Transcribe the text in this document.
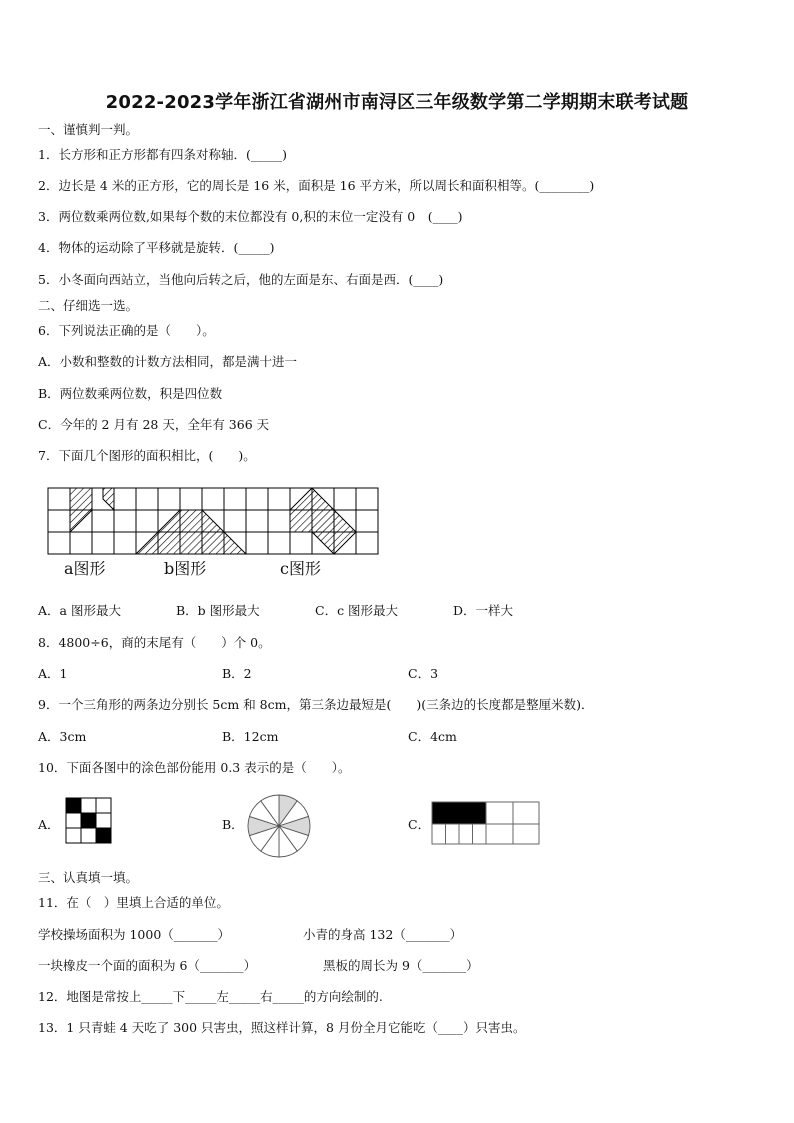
2022-2023学年浙江省湖州市南浔区三年级数学第二学期期末联考试题
一、谨慎判一判。
1．长方形和正方形都有四条对称轴．(_____)
2．边长是 4 米的正方形，它的周长是 16 米，面积是 16 平方米，所以周长和面积相等。(________)
3．两位数乘两位数,如果每个数的末位都没有 0,积的末位一定没有 0　(____)
4．物体的运动除了平移就是旋转．(_____)
5．小冬面向西站立，当他向后转之后，他的左面是东、右面是西．(____)
二、仔细选一选。
6．下列说法正确的是（　　）。
A．小数和整数的计数方法相同，都是满十进一
B．两位数乘两位数，积是四位数
C．今年的 2 月有 28 天，全年有 366 天
7．下面几个图形的面积相比，(　　)。
a图形	b图形	c图形
A．a 图形最大	B．b 图形最大	C．c 图形最大	D．一样大
8．4800÷6，商的末尾有（　　）个 0。
A．1	B．2	C．3
9．一个三角形的两条边分别长 5cm 和 8cm，第三条边最短是(　　)(三条边的长度都是整厘米数)．
A．3cm	B．12cm	C．4cm
10．下面各图中的涂色部份能用 0.3 表示的是（　　）。
A．	B．	C．
三、认真填一填。
11．在（　）里填上合适的单位。
学校操场面积为 1000（_______）	小青的身高 132（_______）
一块橡皮一个面的面积为 6（_______）	黑板的周长为 9（_______）
12．地图是常按上_____下_____左_____右_____的方向绘制的.
13．1 只青蛙 4 天吃了 300 只害虫，照这样计算，8 月份全月它能吃（____）只害虫。
